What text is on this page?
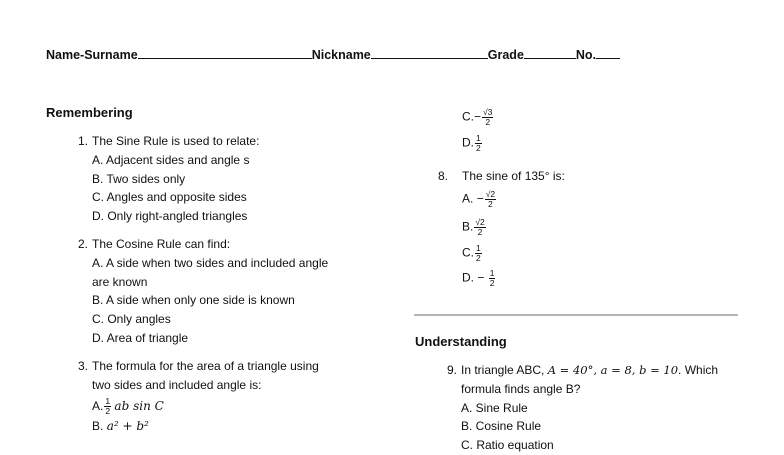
Name-Surname	Nickname	Grade	No.
Remembering
1. The Sine Rule is used to relate:
A. Adjacent sides and angle s
B. Two sides only
C. Angles and opposite sides
D. Only right-angled triangles
2. The Cosine Rule can find:
A. A side when two sides and included angle
are known
B. A side when only one side is known
C. Only angles
D. Area of triangle
3. The formula for the area of a triangle using
two sides and included angle is:
A. $\frac{1}{2}$ ab sin C
B. a² + b²
$C.- \frac{√3}{2}$
D. $\frac{1}{2}$
8. The sine of 135° is:
A. − $\frac{√2}{2}$
B. $\frac{√2}{2}$
C. $\frac{1}{2}$
D. − $\frac{1}{2}$
Understanding
9. In triangle ABC, A = 40°, a = 8, b = 10. Which
formula finds angle B?
A. Sine Rule
B. Cosine Rule
C. Ratio equation
